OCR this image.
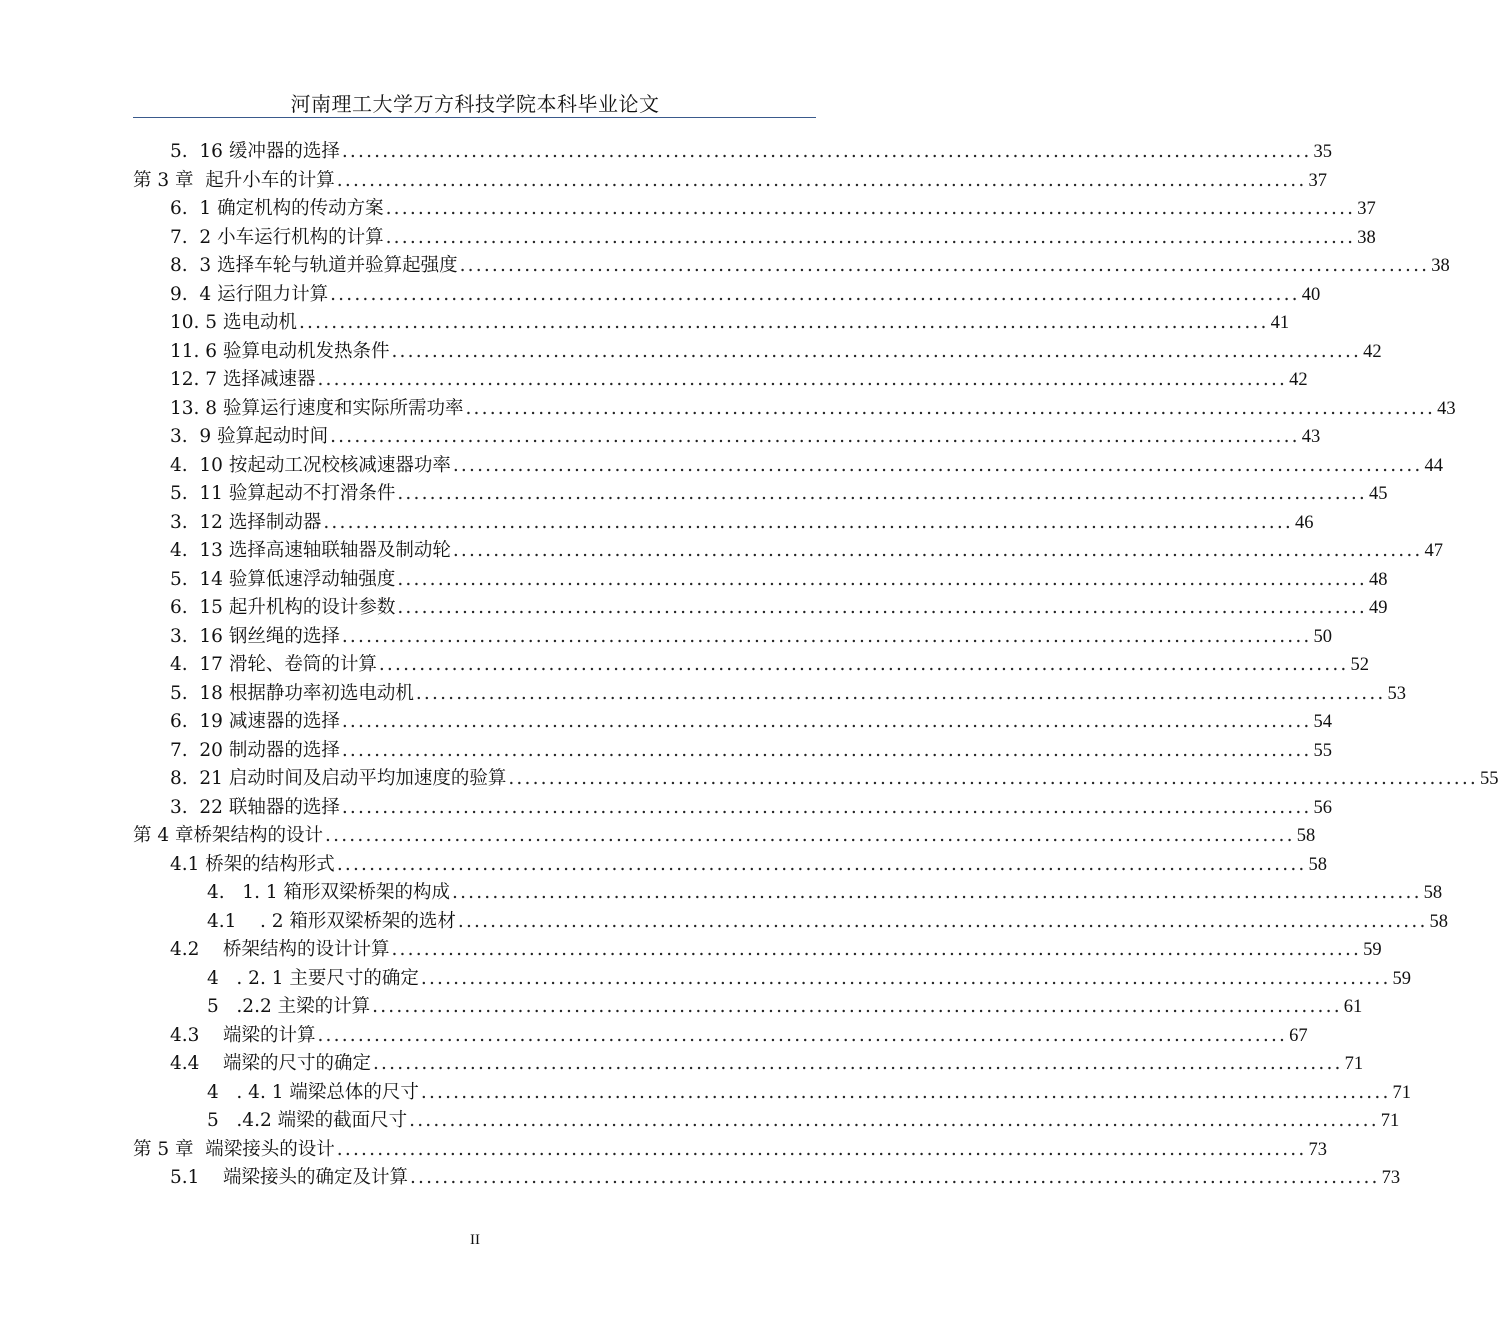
河南理工大学万方科技学院本科毕业论文
5.  16 缓冲器的选择 ........................................................................................................................ 35
第 3 章  起升小车的计算 ........................................................................................................................ 37
6.  1 确定机构的传动方案 ........................................................................................................................ 37
7.  2 小车运行机构的计算 ........................................................................................................................ 38
8.  3 选择车轮与轨道并验算起强度 ........................................................................................................................ 38
9.  4 运行阻力计算 ........................................................................................................................ 40
10. 5 选电动机 ........................................................................................................................ 41
11. 6 验算电动机发热条件 ........................................................................................................................ 42
12. 7 选择减速器 ........................................................................................................................ 42
13. 8 验算运行速度和实际所需功率 ........................................................................................................................ 43
3.  9 验算起动时间 ........................................................................................................................ 43
4.  10 按起动工况校核减速器功率 ........................................................................................................................ 44
5.  11 验算起动不打滑条件 ........................................................................................................................ 45
3.  12 选择制动器 ........................................................................................................................ 46
4.  13 选择高速轴联轴器及制动轮 ........................................................................................................................ 47
5.  14 验算低速浮动轴强度 ........................................................................................................................ 48
6.  15 起升机构的设计参数 ........................................................................................................................ 49
3.  16 钢丝绳的选择 ........................................................................................................................ 50
4.  17 滑轮、卷筒的计算 ........................................................................................................................ 52
5.  18 根据静功率初选电动机 ........................................................................................................................ 53
6.  19 减速器的选择 ........................................................................................................................ 54
7.  20 制动器的选择 ........................................................................................................................ 55
8.  21 启动时间及启动平均加速度的验算 ........................................................................................................................ 55
3.  22 联轴器的选择 ........................................................................................................................ 56
第 4 章桥架结构的设计 ........................................................................................................................ 58
4.1 桥架的结构形式 ........................................................................................................................ 58
4.   1. 1 箱形双梁桥架的构成 ........................................................................................................................ 58
4.1    . 2 箱形双梁桥架的选材 ........................................................................................................................ 58
4.2    桥架结构的设计计算 ........................................................................................................................ 59
4   . 2. 1 主要尺寸的确定 ........................................................................................................................ 59
5   .2.2 主梁的计算 ........................................................................................................................ 61
4.3    端梁的计算 ........................................................................................................................ 67
4.4    端梁的尺寸的确定 ........................................................................................................................ 71
4   . 4. 1 端梁总体的尺寸 ........................................................................................................................ 71
5   .4.2 端梁的截面尺寸 ........................................................................................................................ 71
第 5 章  端梁接头的设计 ........................................................................................................................ 73
5.1    端梁接头的确定及计算 ........................................................................................................................ 73
II
